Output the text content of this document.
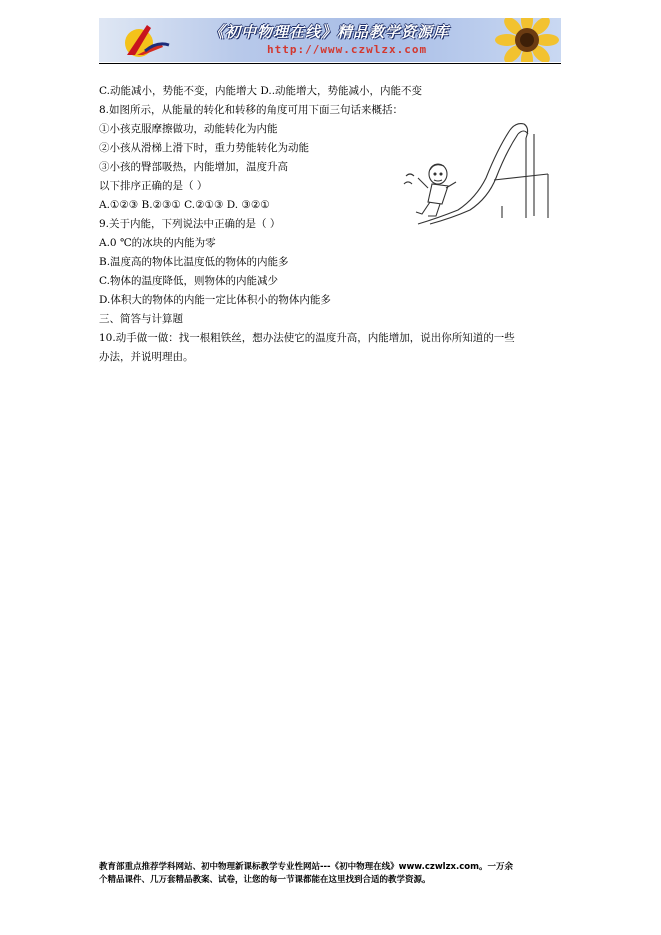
《初中物理在线》精品教学资源库
http://www.czwlzx.com
C.动能减小，势能不变，内能增大 D..动能增大，势能减小，内能不变
8.如图所示，从能量的转化和转移的角度可用下面三句话来概括：
①小孩克服摩擦做功，动能转化为内能
②小孩从滑梯上滑下时，重力势能转化为动能
③小孩的臀部吸热，内能增加，温度升高
以下排序正确的是（ ）
A.①②③ B.②③① C.②①③ D. ③②①
9.关于内能，下列说法中正确的是（ ）
A.0 ℃的冰块的内能为零
B.温度高的物体比温度低的物体的内能多
C.物体的温度降低，则物体的内能减少
D.体积大的物体的内能一定比体积小的物体内能多
三、简答与计算题
10.动手做一做：找一根粗铁丝，想办法使它的温度升高，内能增加，说出你所知道的一些
办法，并说明理由。
教育部重点推荐学科网站、初中物理新课标教学专业性网站---《初中物理在线》www.czwlzx.com。一万余
个精品课件、几万套精品教案、试卷，让您的每一节课都能在这里找到合适的教学资源。
